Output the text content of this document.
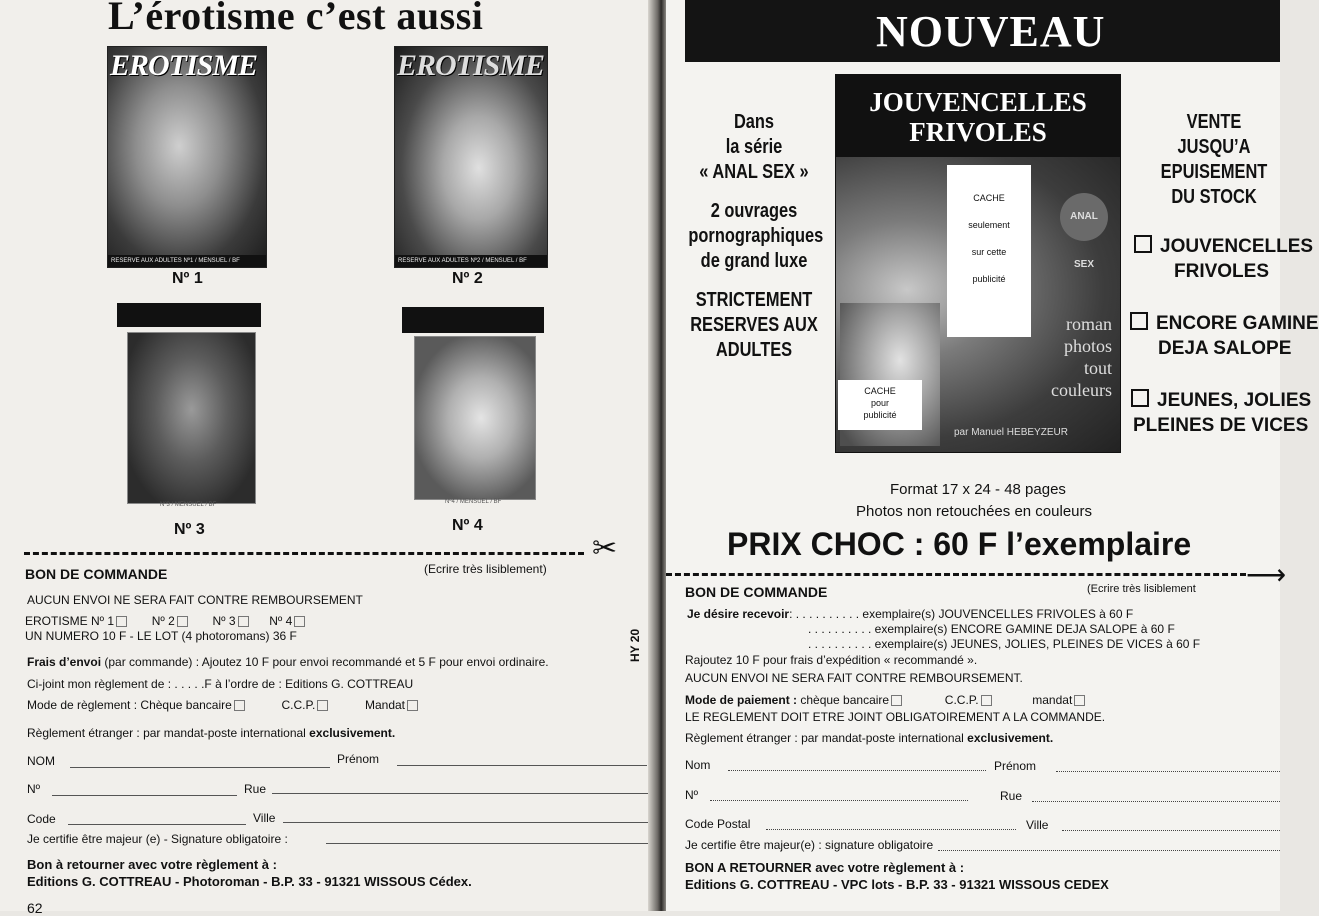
L’érotisme c’est aussi
EROTISME
RESERVE AUX ADULTES Nº1 / MENSUEL / BF
Nº 1
EROTISME
RESERVE AUX ADULTES Nº2 / MENSUEL / BF
Nº 2
Nº3 / MENSUEL / BF
Nº 3
Nº4 / MENSUEL / BF
Nº 4
✂
BON DE COMMANDE	(Ecrire très lisiblement)
AUCUN ENVOI NE SERA FAIT CONTRE REMBOURSEMENT
EROTISME Nº 1	Nº 2	Nº 3	Nº 4
UN NUMERO 10 F - LE LOT (4 photoromans) 36 F
Frais d’envoi (par commande) : Ajoutez 10 F pour envoi recommandé et 5 F pour envoi ordinaire.
Ci-joint mon règlement de : . . . . .F à l’ordre de : Editions G. COTTREAU
Mode de règlement : Chèque bancaire	C.C.P.	Mandat
Règlement étranger : par mandat-poste international exclusivement.
NOM	Prénom
Nº	Rue
Code	Ville
Je certifie être majeur (e) - Signature obligatoire :
Bon à retourner avec votre règlement à :
Editions G. COTTREAU - Photoroman - B.P. 33 - 91321 WISSOUS Cédex.
HY 20
62
NOUVEAU
Dans
la série
« ANAL SEX »
2 ouvrages
pornographiques
de grand luxe
STRICTEMENT
RESERVES AUX
ADULTES
JOUVENCELLES
FRIVOLES
CACHE
seulement
sur cette
publicité
CACHE
pour
publicité
ANAL SEX
roman
photos
tout
couleurs
par Manuel HEBEYZEUR
VENTE
JUSQU’A
EPUISEMENT
DU STOCK
JOUVENCELLES
FRIVOLES
ENCORE GAMINE
DEJA SALOPE
JEUNES, JOLIES
PLEINES DE VICES
Format 17 x 24 - 48 pages
Photos non retouchées en couleurs
PRIX CHOC : 60 F l’exemplaire
⟶
BON DE COMMANDE	(Ecrire très lisiblement
Je désire recevoir: . . . . . . . . . . exemplaire(s) JOUVENCELLES FRIVOLES à 60 F
. . . . . . . . . . exemplaire(s) ENCORE GAMINE DEJA SALOPE à 60 F
. . . . . . . . . . exemplaire(s) JEUNES, JOLIES, PLEINES DE VICES à 60 F
Rajoutez 10 F pour frais d’expédition « recommandé ».
AUCUN ENVOI NE SERA FAIT CONTRE REMBOURSEMENT.
Mode de paiement : chèque bancaire	C.C.P.	mandat
LE REGLEMENT DOIT ETRE JOINT OBLIGATOIREMENT A LA COMMANDE.
Règlement étranger : par mandat-poste international exclusivement.
Nom	Prénom
Nº	Rue
Code Postal	Ville
Je certifie être majeur(e) : signature obligatoire
BON A RETOURNER avec votre règlement à :
Editions G. COTTREAU - VPC lots - B.P. 33 - 91321 WISSOUS CEDEX
